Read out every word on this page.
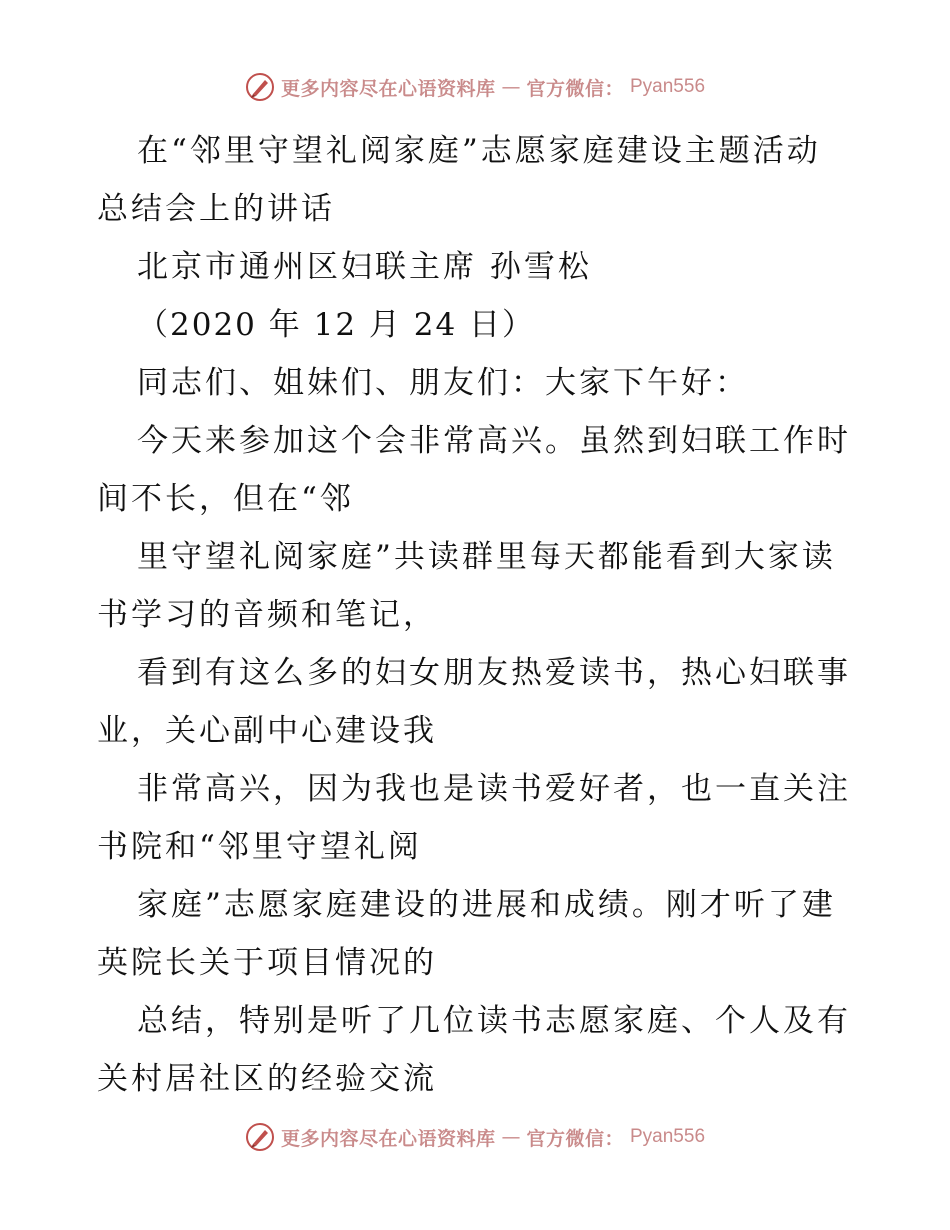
更多内容尽在心语资料库 — 官方微信： Pyan556
在“邻里守望礼阅家庭”志愿家庭建设主题活动
总结会上的讲话
北京市通州区妇联主席 孙雪松
（2020 年 12 月 24 日）
同志们、姐妹们、朋友们：大家下午好：
今天来参加这个会非常高兴。虽然到妇联工作时
间不长，但在“邻
里守望礼阅家庭”共读群里每天都能看到大家读
书学习的音频和笔记，
看到有这么多的妇女朋友热爱读书，热心妇联事
业，关心副中心建设我
非常高兴，因为我也是读书爱好者，也一直关注
书院和“邻里守望礼阅
家庭”志愿家庭建设的进展和成绩。刚才听了建
英院长关于项目情况的
总结，特别是听了几位读书志愿家庭、个人及有
关村居社区的经验交流
更多内容尽在心语资料库 — 官方微信： Pyan556
